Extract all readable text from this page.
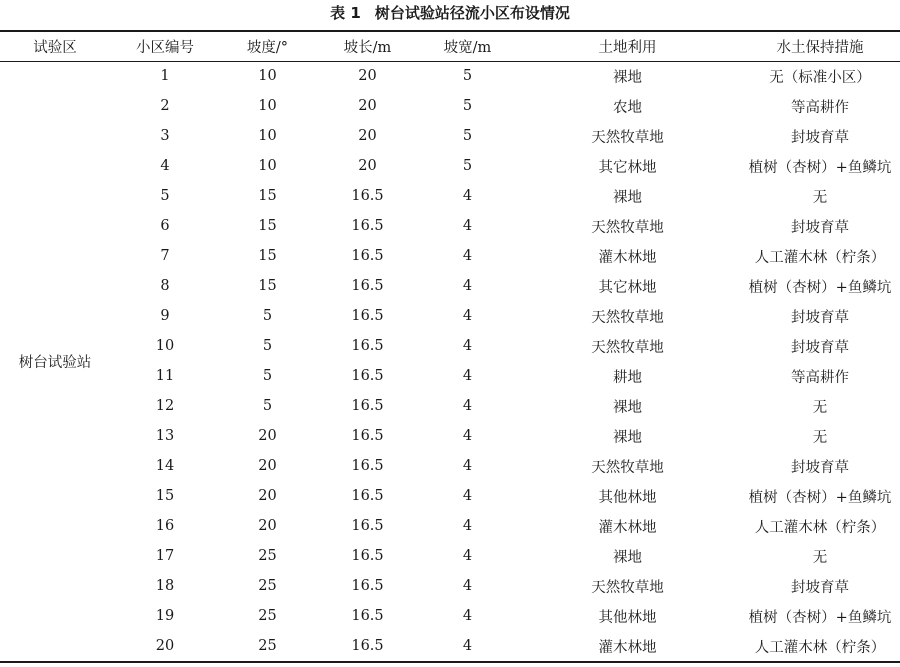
表 1 树台试验站径流小区布设情况
试验区	小区编号	坡度/°	坡长/m	坡宽/m	土地利用	水土保持措施
树台试验站	1	10	20	5	裸地	无（标准小区）
	2	10	20	5	农地	等高耕作
	3	10	20	5	天然牧草地	封坡育草
	4	10	20	5	其它林地	植树（杏树）+鱼鳞坑
	5	15	16.5	4	裸地	无
	6	15	16.5	4	天然牧草地	封坡育草
	7	15	16.5	4	灌木林地	人工灌木林（柠条）
	8	15	16.5	4	其它林地	植树（杏树）+鱼鳞坑
	9	5	16.5	4	天然牧草地	封坡育草
	10	5	16.5	4	天然牧草地	封坡育草
	11	5	16.5	4	耕地	等高耕作
	12	5	16.5	4	裸地	无
	13	20	16.5	4	裸地	无
	14	20	16.5	4	天然牧草地	封坡育草
	15	20	16.5	4	其他林地	植树（杏树）+鱼鳞坑
	16	20	16.5	4	灌木林地	人工灌木林（柠条）
	17	25	16.5	4	裸地	无
	18	25	16.5	4	天然牧草地	封坡育草
	19	25	16.5	4	其他林地	植树（杏树）+鱼鳞坑
	20	25	16.5	4	灌木林地	人工灌木林（柠条）
